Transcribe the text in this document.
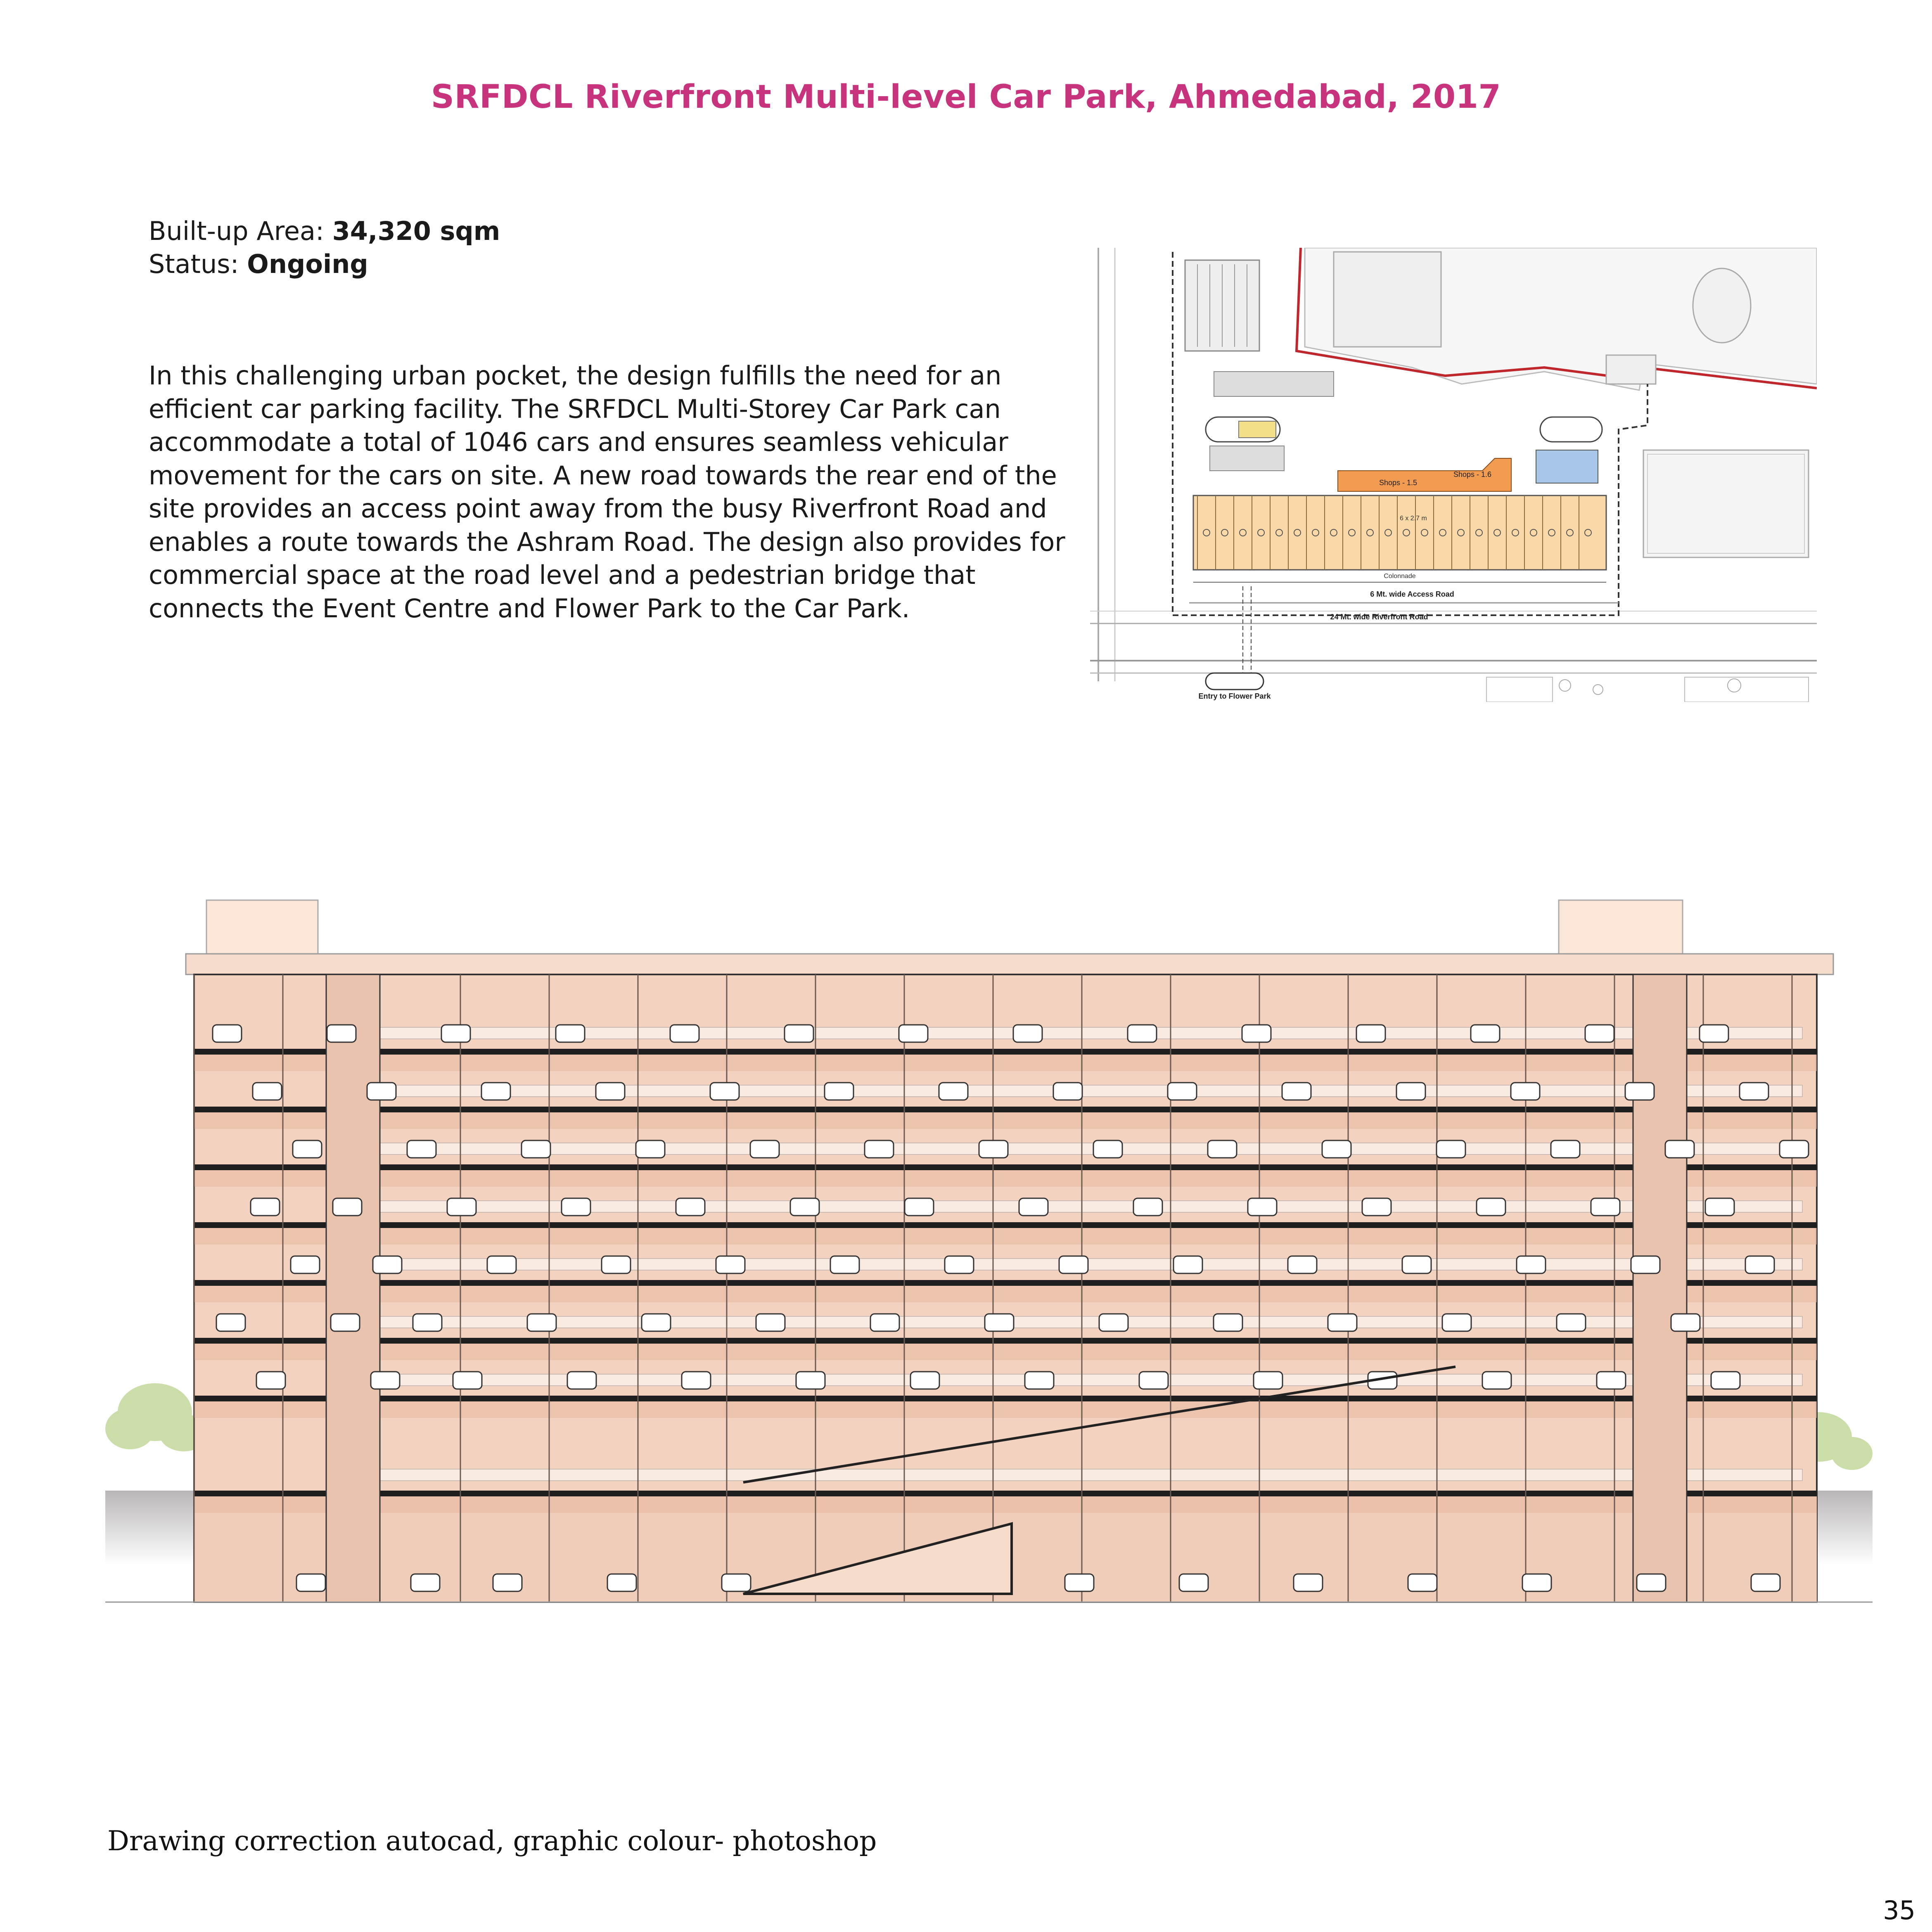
SRFDCL Riverfront Multi-level Car Park, Ahmedabad, 2017
Built-up Area: 34,320 sqm
Status: Ongoing
In this challenging urban pocket, the design fulfills the need for an efficient car parking facility. The SRFDCL Multi-Storey Car Park can accommodate a total of 1046 cars and ensures seamless vehicular movement for the cars on site. A new road towards the rear end of the site provides an access point away from the busy Riverfront Road and enables a route towards the Ashram Road. The design also provides for commercial space at the road level and a pedestrian bridge that connects the Event Centre and Flower Park to the Car Park.
Shops - 1.5
Shops - 1.6
6 x 2.7 m
Colonnade
6 Mt. wide Access Road
24 Mt. wide Riverfront Road
Entry to Flower Park
Drawing correction autocad, graphic colour- photoshop
35
